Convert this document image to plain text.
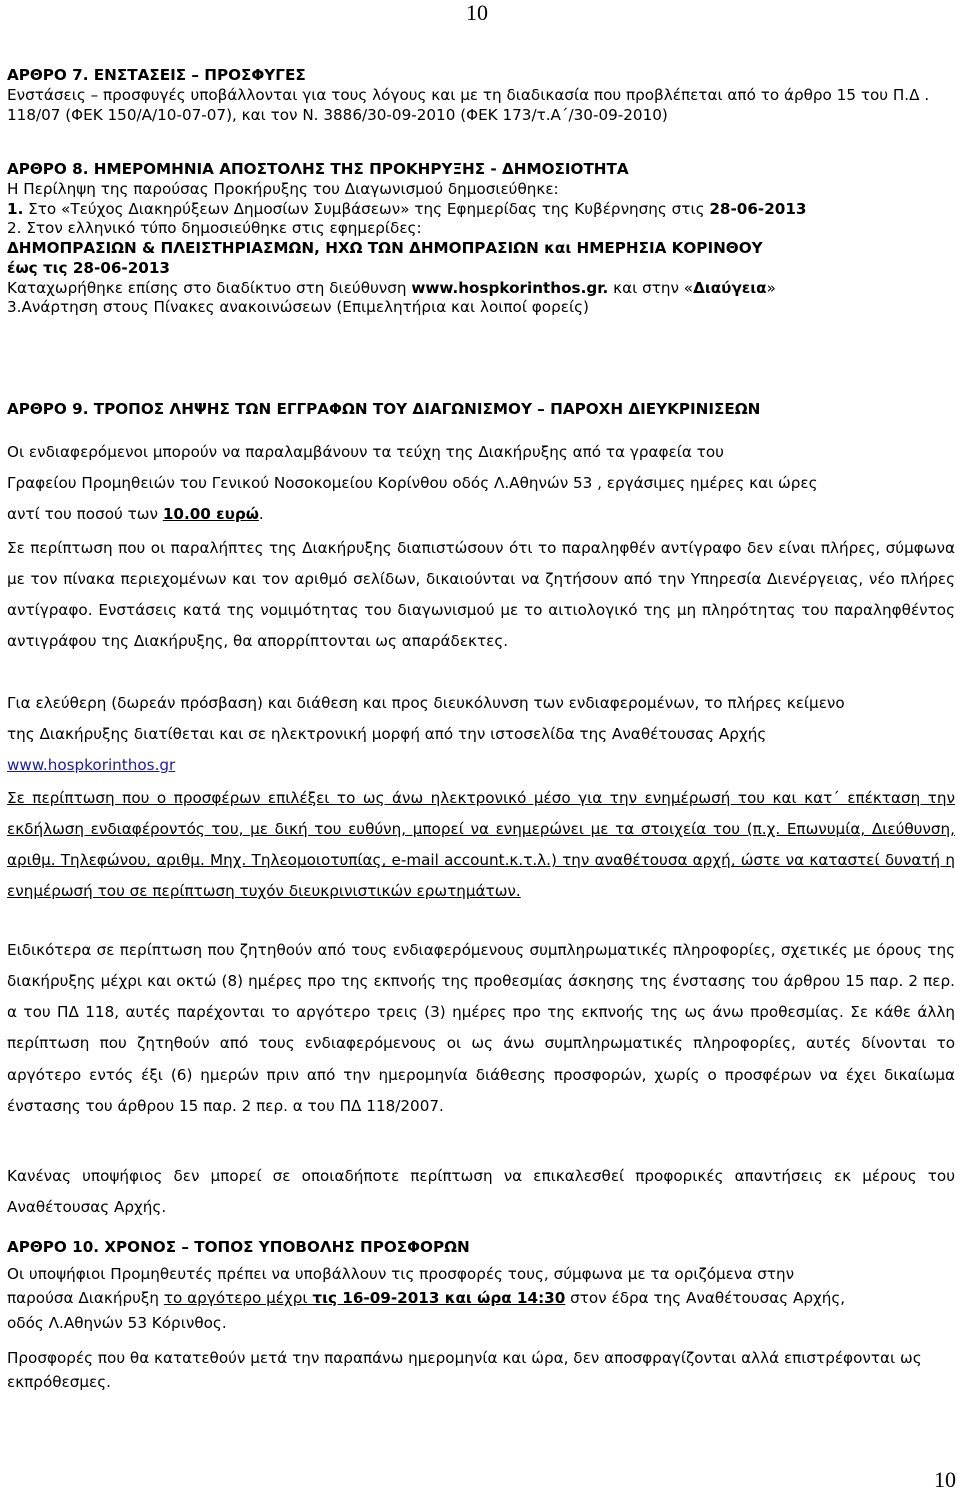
10
ΑΡΘΡΟ 7. ΕΝΣΤΑΣΕΙΣ – ΠΡΟΣΦΥΓΕΣ
Ενστάσεις – προσφυγές υποβάλλονται για τους λόγους και με τη διαδικασία που προβλέπεται από το άρθρο 15 του Π.Δ . 118/07 (ΦΕΚ 150/Α/10-07-07), και τον Ν. 3886/30-09-2010 (ΦΕΚ 173/τ.Α΄/30-09-2010)
ΑΡΘΡΟ 8. ΗΜΕΡΟΜΗΝΙΑ ΑΠΟΣΤΟΛΗΣ ΤΗΣ ΠΡΟΚΗΡΥΞΗΣ - ΔΗΜΟΣΙΟΤΗΤΑ
Η Περίληψη της παρούσας Προκήρυξης του Διαγωνισμού δημοσιεύθηκε:
1. Στο «Τεύχος Διακηρύξεων Δημοσίων Συμβάσεων» της Εφημερίδας της Κυβέρνησης στις 28-06-2013
2. Στον ελληνικό τύπο δημοσιεύθηκε στις εφημερίδες:
ΔΗΜΟΠΡΑΣΙΩΝ & ΠΛΕΙΣΤΗΡΙΑΣΜΩΝ, ΗΧΩ ΤΩΝ ΔΗΜΟΠΡΑΣΙΩΝ και ΗΜΕΡΗΣΙΑ ΚΟΡΙΝΘΟΥ
έως τις 28-06-2013
Καταχωρήθηκε επίσης στο διαδίκτυο στη διεύθυνση www.hospkorinthos.gr. και στην «Διαύγεια»
3.Ανάρτηση στους Πίνακες ανακοινώσεων (Επιμελητήρια και λοιποί φορείς)
ΑΡΘΡΟ 9. ΤΡΟΠΟΣ ΛΗΨΗΣ ΤΩΝ ΕΓΓΡΑΦΩΝ ΤΟΥ ΔΙΑΓΩΝΙΣΜΟΥ – ΠΑΡΟΧΗ ΔΙΕΥΚΡΙΝΙΣΕΩΝ
Οι ενδιαφερόμενοι μπορούν να παραλαμβάνουν τα τεύχη της Διακήρυξης από τα γραφεία του
Γραφείου Προμηθειών του Γενικού Νοσοκομείου Κορίνθου οδός Λ.Αθηνών 53 , εργάσιμες ημέρες και ώρες
αντί του ποσού των 10.00 ευρώ.
Σε περίπτωση που οι παραλήπτες της Διακήρυξης διαπιστώσουν ότι το παραληφθέν αντίγραφο δεν είναι πλήρες, σύμφωνα με τον πίνακα περιεχομένων και τον αριθμό σελίδων, δικαιούνται να ζητήσουν από την Υπηρεσία Διενέργειας, νέο πλήρες αντίγραφο. Ενστάσεις κατά της νομιμότητας του διαγωνισμού με το αιτιολογικό της μη πληρότητας του παραληφθέντος αντιγράφου της Διακήρυξης, θα απορρίπτονται ως απαράδεκτες.
Για ελεύθερη (δωρεάν πρόσβαση) και διάθεση και προς διευκόλυνση των ενδιαφερομένων, το πλήρες κείμενο
της Διακήρυξης διατίθεται και σε ηλεκτρονική μορφή από την ιστοσελίδα της Αναθέτουσας Αρχής
www.hospkorinthos.gr
Σε περίπτωση που ο προσφέρων επιλέξει το ως άνω ηλεκτρονικό μέσο για την ενημέρωσή του και κατ΄ επέκταση την εκδήλωση ενδιαφέροντός του, με δική του ευθύνη, μπορεί να ενημερώνει με τα στοιχεία του (π.χ. Επωνυμία, Διεύθυνση, αριθμ. Τηλεφώνου, αριθμ. Μηχ. Τηλεομοιοτυπίας, e-mail account.κ.τ.λ.) την αναθέτουσα αρχή, ώστε να καταστεί δυνατή η ενημέρωσή του σε περίπτωση τυχόν διευκρινιστικών ερωτημάτων.
Ειδικότερα σε περίπτωση που ζητηθούν από τους ενδιαφερόμενους συμπληρωματικές πληροφορίες, σχετικές με όρους της διακήρυξης μέχρι και οκτώ (8) ημέρες προ της εκπνοής της προθεσμίας άσκησης της ένστασης του άρθρου 15 παρ. 2 περ. α του ΠΔ 118, αυτές παρέχονται το αργότερο τρεις (3) ημέρες προ της εκπνοής της ως άνω προθεσμίας. Σε κάθε άλλη περίπτωση που ζητηθούν από τους ενδιαφερόμενους οι ως άνω συμπληρωματικές πληροφορίες, αυτές δίνονται το αργότερο εντός έξι (6) ημερών πριν από την ημερομηνία διάθεσης προσφορών, χωρίς ο προσφέρων να έχει δικαίωμα ένστασης του άρθρου 15 παρ. 2 περ. α του ΠΔ 118/2007.
Κανένας υποψήφιος δεν μπορεί σε οποιαδήποτε περίπτωση να επικαλεσθεί προφορικές απαντήσεις εκ μέρους του Αναθέτουσας Αρχής.
ΑΡΘΡΟ 10. ΧΡΟΝΟΣ – ΤΟΠΟΣ ΥΠΟΒΟΛΗΣ ΠΡΟΣΦΟΡΩΝ
Οι υποψήφιοι Προμηθευτές πρέπει να υποβάλλουν τις προσφορές τους, σύμφωνα με τα οριζόμενα στην
παρούσα Διακήρυξη το αργότερο μέχρι τις 16-09-2013 και ώρα 14:30 στον έδρα της Αναθέτουσας Αρχής,
οδός Λ.Αθηνών 53 Κόρινθος.
Προσφορές που θα κατατεθούν μετά την παραπάνω ημερομηνία και ώρα, δεν αποσφραγίζονται αλλά επιστρέφονται ως εκπρόθεσμες.
10
